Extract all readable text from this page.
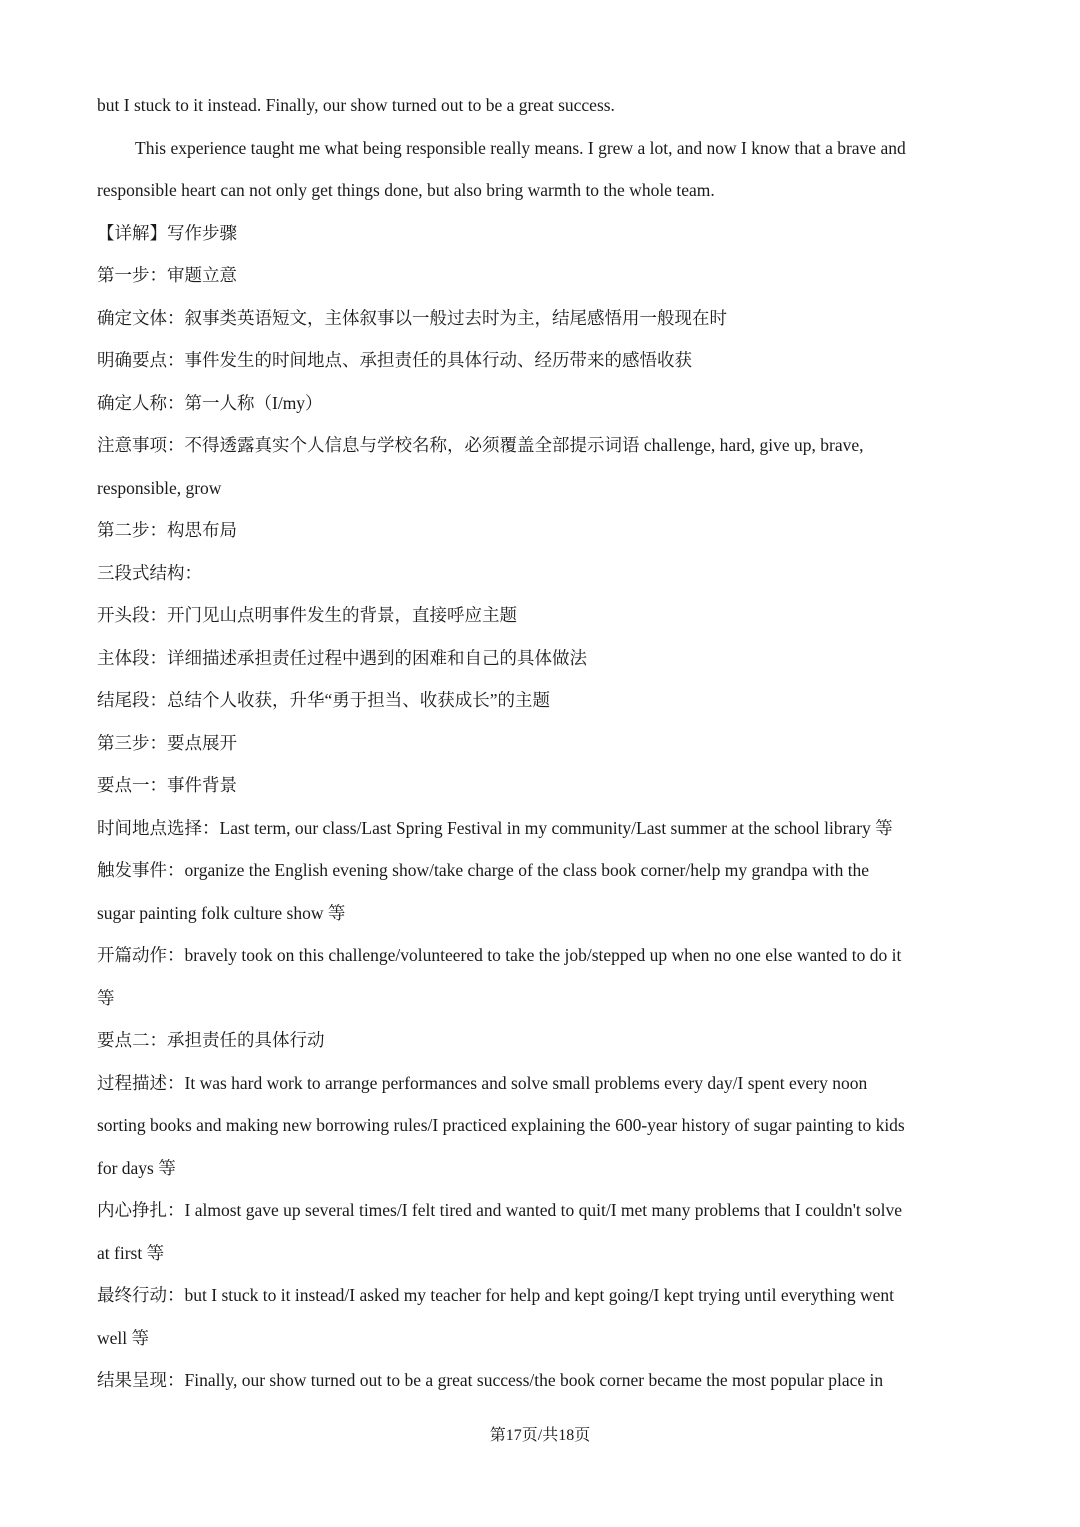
but I stuck to it instead. Finally, our show turned out to be a great success.
This experience taught me what being responsible really means. I grew a lot, and now I know that a brave and
responsible heart can not only get things done, but also bring warmth to the whole team.
【详解】写作步骤
第一步：审题立意
确定文体：叙事类英语短文，主体叙事以一般过去时为主，结尾感悟用一般现在时
明确要点：事件发生的时间地点、承担责任的具体行动、经历带来的感悟收获
确定人称：第一人称（I/my）
注意事项：不得透露真实个人信息与学校名称，必须覆盖全部提示词语 challenge, hard, give up, brave,
responsible, grow
第二步：构思布局
三段式结构：
开头段：开门见山点明事件发生的背景，直接呼应主题
主体段：详细描述承担责任过程中遇到的困难和自己的具体做法
结尾段：总结个人收获，升华“勇于担当、收获成长”的主题
第三步：要点展开
要点一：事件背景
时间地点选择：Last term, our class/Last Spring Festival in my community/Last summer at the school library 等
触发事件：organize the English evening show/take charge of the class book corner/help my grandpa with the
sugar painting folk culture show 等
开篇动作：bravely took on this challenge/volunteered to take the job/stepped up when no one else wanted to do it
等
要点二：承担责任的具体行动
过程描述：It was hard work to arrange performances and solve small problems every day/I spent every noon
sorting books and making new borrowing rules/I practiced explaining the 600-year history of sugar painting to kids
for days 等
内心挣扎：I almost gave up several times/I felt tired and wanted to quit/I met many problems that I couldn't solve
at first 等
最终行动：but I stuck to it instead/I asked my teacher for help and kept going/I kept trying until everything went
well 等
结果呈现：Finally, our show turned out to be a great success/the book corner became the most popular place in
第17页/共18页
